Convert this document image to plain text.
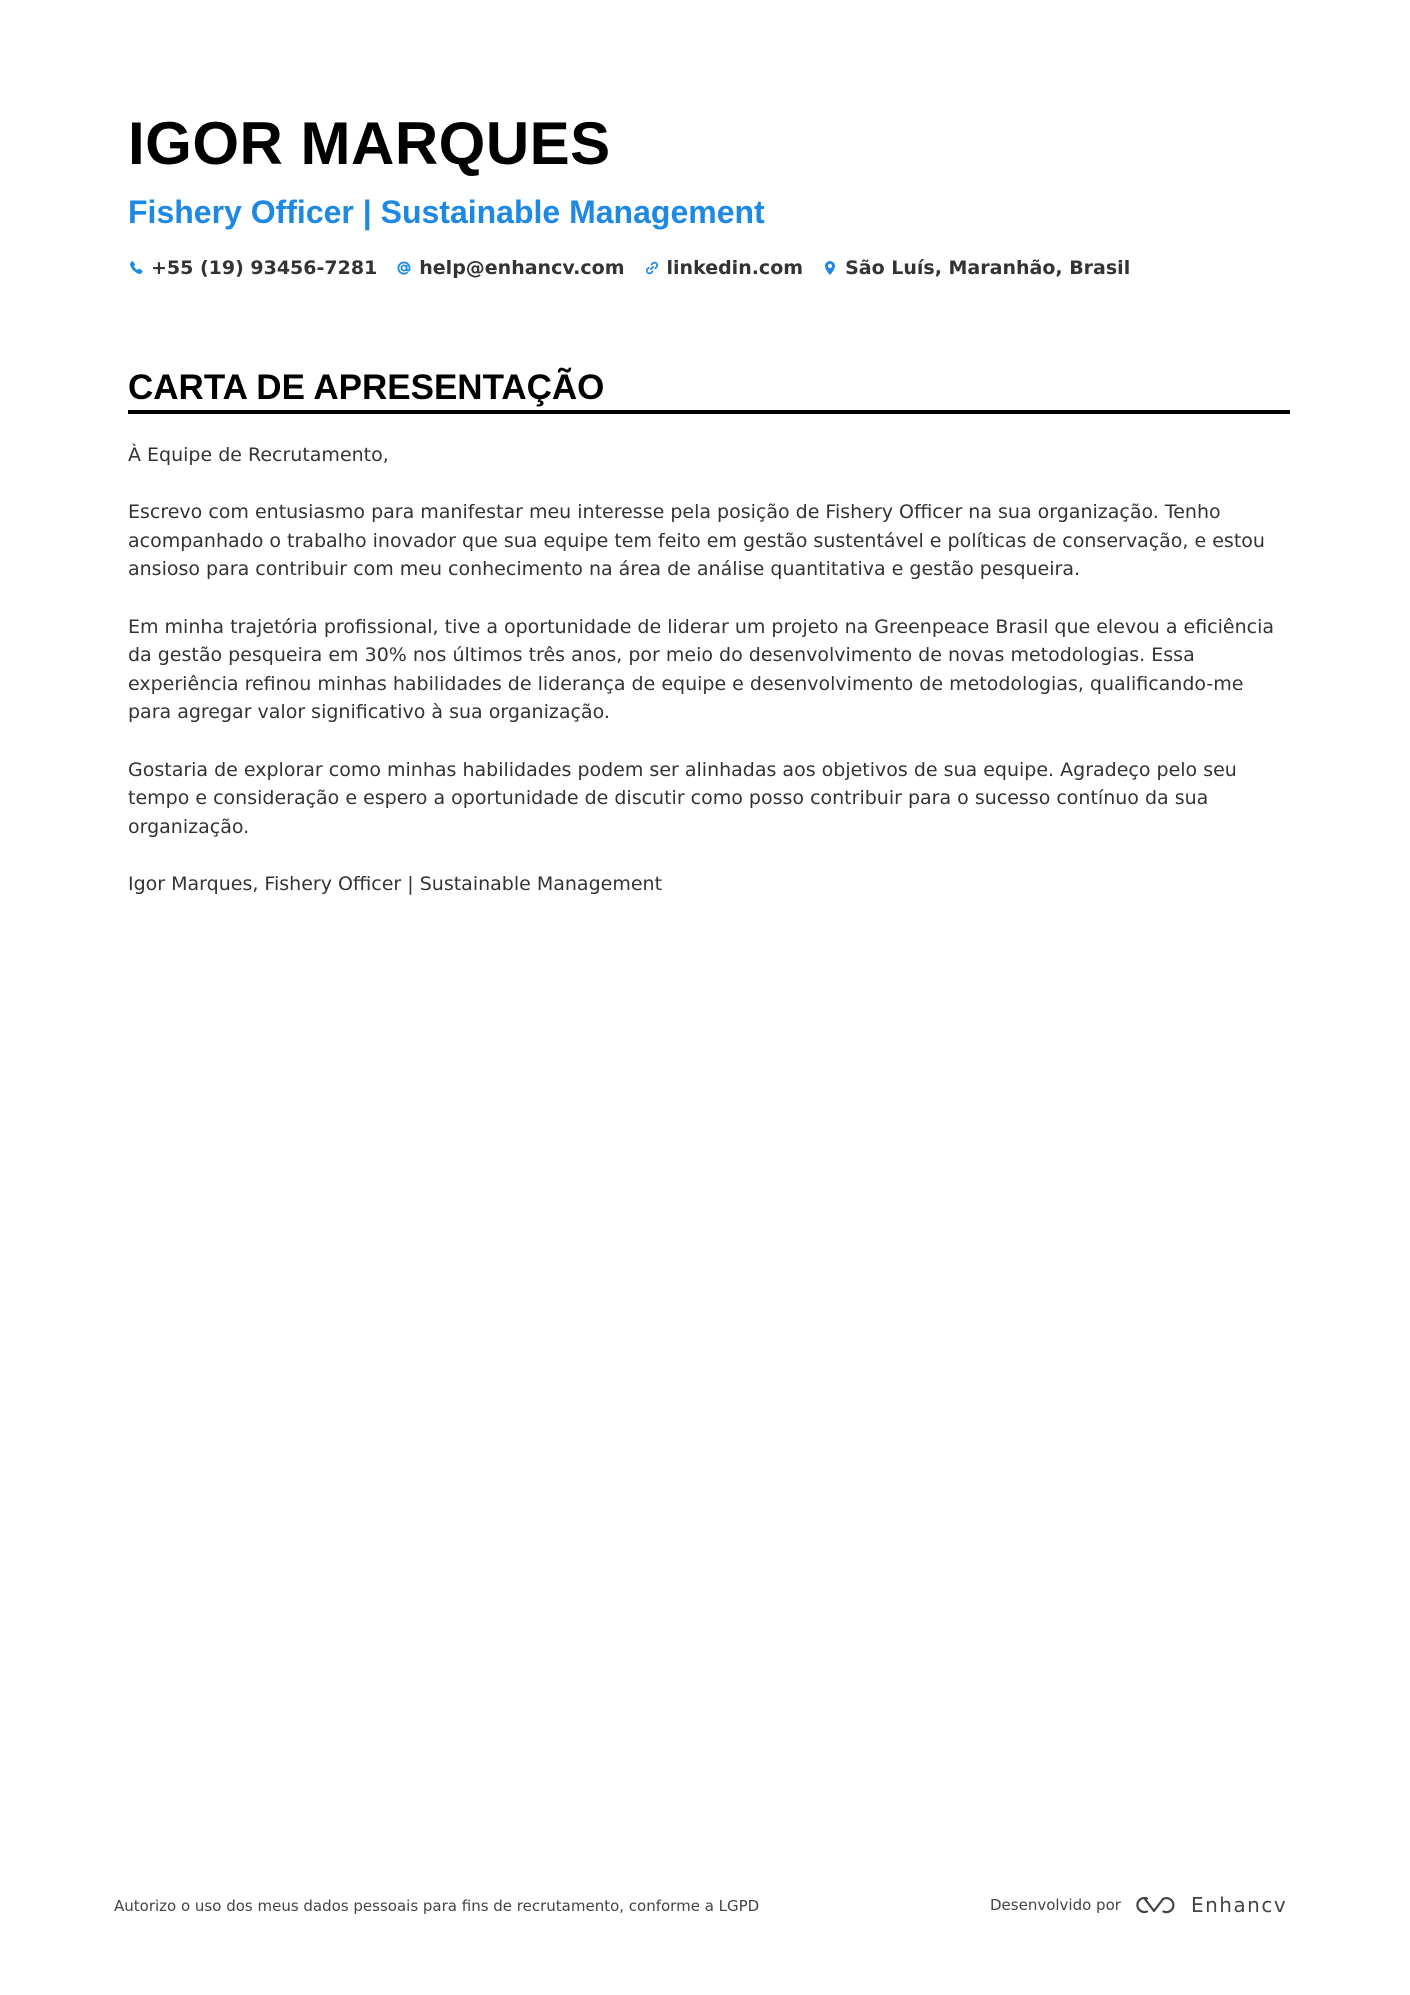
IGOR MARQUES
Fishery Officer | Sustainable Management
+55 (19) 93456-7281 help@enhancv.com linkedin.com São Luís, Maranhão, Brasil
CARTA DE APRESENTAÇÃO

À Equipe de Recrutamento,

Escrevo com entusiasmo para manifestar meu interesse pela posição de Fishery Officer na sua organização. Tenho acompanhado o trabalho inovador que sua equipe tem feito em gestão sustentável e políticas de conservação, e estou ansioso para contribuir com meu conhecimento na área de análise quantitativa e gestão pesqueira.

Em minha trajetória profissional, tive a oportunidade de liderar um projeto na Greenpeace Brasil que elevou a eficiência da gestão pesqueira em 30% nos últimos três anos, por meio do desenvolvimento de novas metodologias. Essa experiência refinou minhas habilidades de liderança de equipe e desenvolvimento de metodologias, qualificando-me para agregar valor significativo à sua organização.

Gostaria de explorar como minhas habilidades podem ser alinhadas aos objetivos de sua equipe. Agradeço pelo seu tempo e consideração e espero a oportunidade de discutir como posso contribuir para o sucesso contínuo da sua organização.

Igor Marques, Fishery Officer | Sustainable Management

Autorizo o uso dos meus dados pessoais para fins de recrutamento, conforme a LGPD	Desenvolvido por	Enhancv
